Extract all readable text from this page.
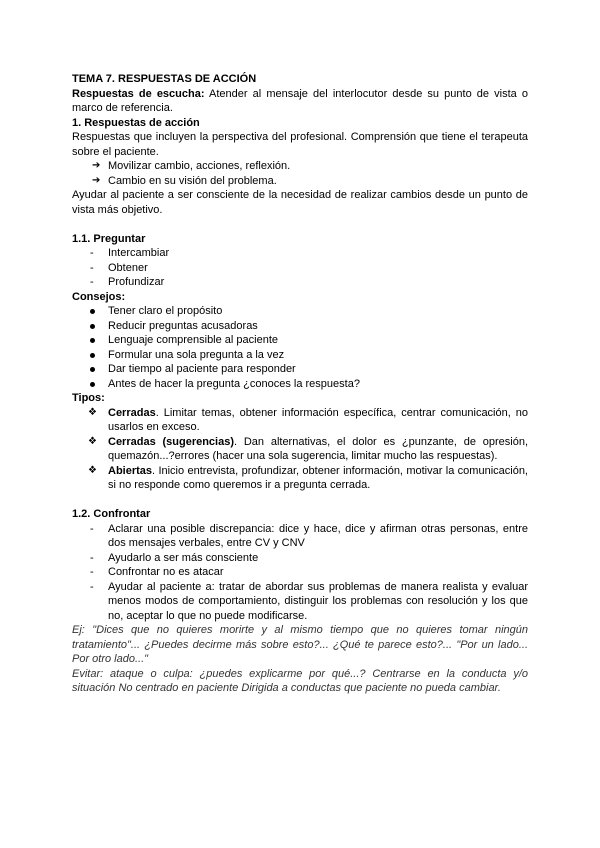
TEMA 7. RESPUESTAS DE ACCIÓN

Respuestas de escucha: Atender al mensaje del interlocutor desde su punto de vista o marco de referencia.

1. Respuestas de acción

Respuestas que incluyen la perspectiva del profesional. Comprensión que tiene el terapeuta sobre el paciente.

➔ Movilizar cambio, acciones, reflexión.
➔ Cambio en su visión del problema.

Ayudar al paciente a ser consciente de la necesidad de realizar cambios desde un punto de vista más objetivo.

1.1. Preguntar

- Intercambiar
- Obtener
- Profundizar

Consejos:

Tener claro el propósito
Reducir preguntas acusadoras
Lenguaje comprensible al paciente
Formular una sola pregunta a la vez
Dar tiempo al paciente para responder
Antes de hacer la pregunta ¿conoces la respuesta?

Tipos:

❖ Cerradas. Limitar temas, obtener información específica, centrar comunicación, no usarlos en exceso.
❖ Cerradas (sugerencias). Dan alternativas, el dolor es ¿punzante, de opresión, quemazón...?errores (hacer una sola sugerencia, limitar mucho las respuestas).
❖ Abiertas. Inicio entrevista, profundizar, obtener información, motivar la comunicación, si no responde como queremos ir a pregunta cerrada.

1.2. Confrontar

- Aclarar una posible discrepancia: dice y hace, dice y afirman otras personas, entre dos mensajes verbales, entre CV y CNV
- Ayudarlo a ser más consciente
- Confrontar no es atacar
- Ayudar al paciente a: tratar de abordar sus problemas de manera realista y evaluar menos modos de comportamiento, distinguir los problemas con resolución y los que no, aceptar lo que no puede modificarse.

Ej: "Dices que no quieres morirte y al mismo tiempo que no quieres tomar ningún tratamiento"... ¿Puedes decirme más sobre esto?... ¿Qué te parece esto?... "Por un lado... Por otro lado..."

Evitar: ataque o culpa: ¿puedes explicarme por qué...? Centrarse en la conducta y/o situación No centrado en paciente Dirigida a conductas que paciente no pueda cambiar.
